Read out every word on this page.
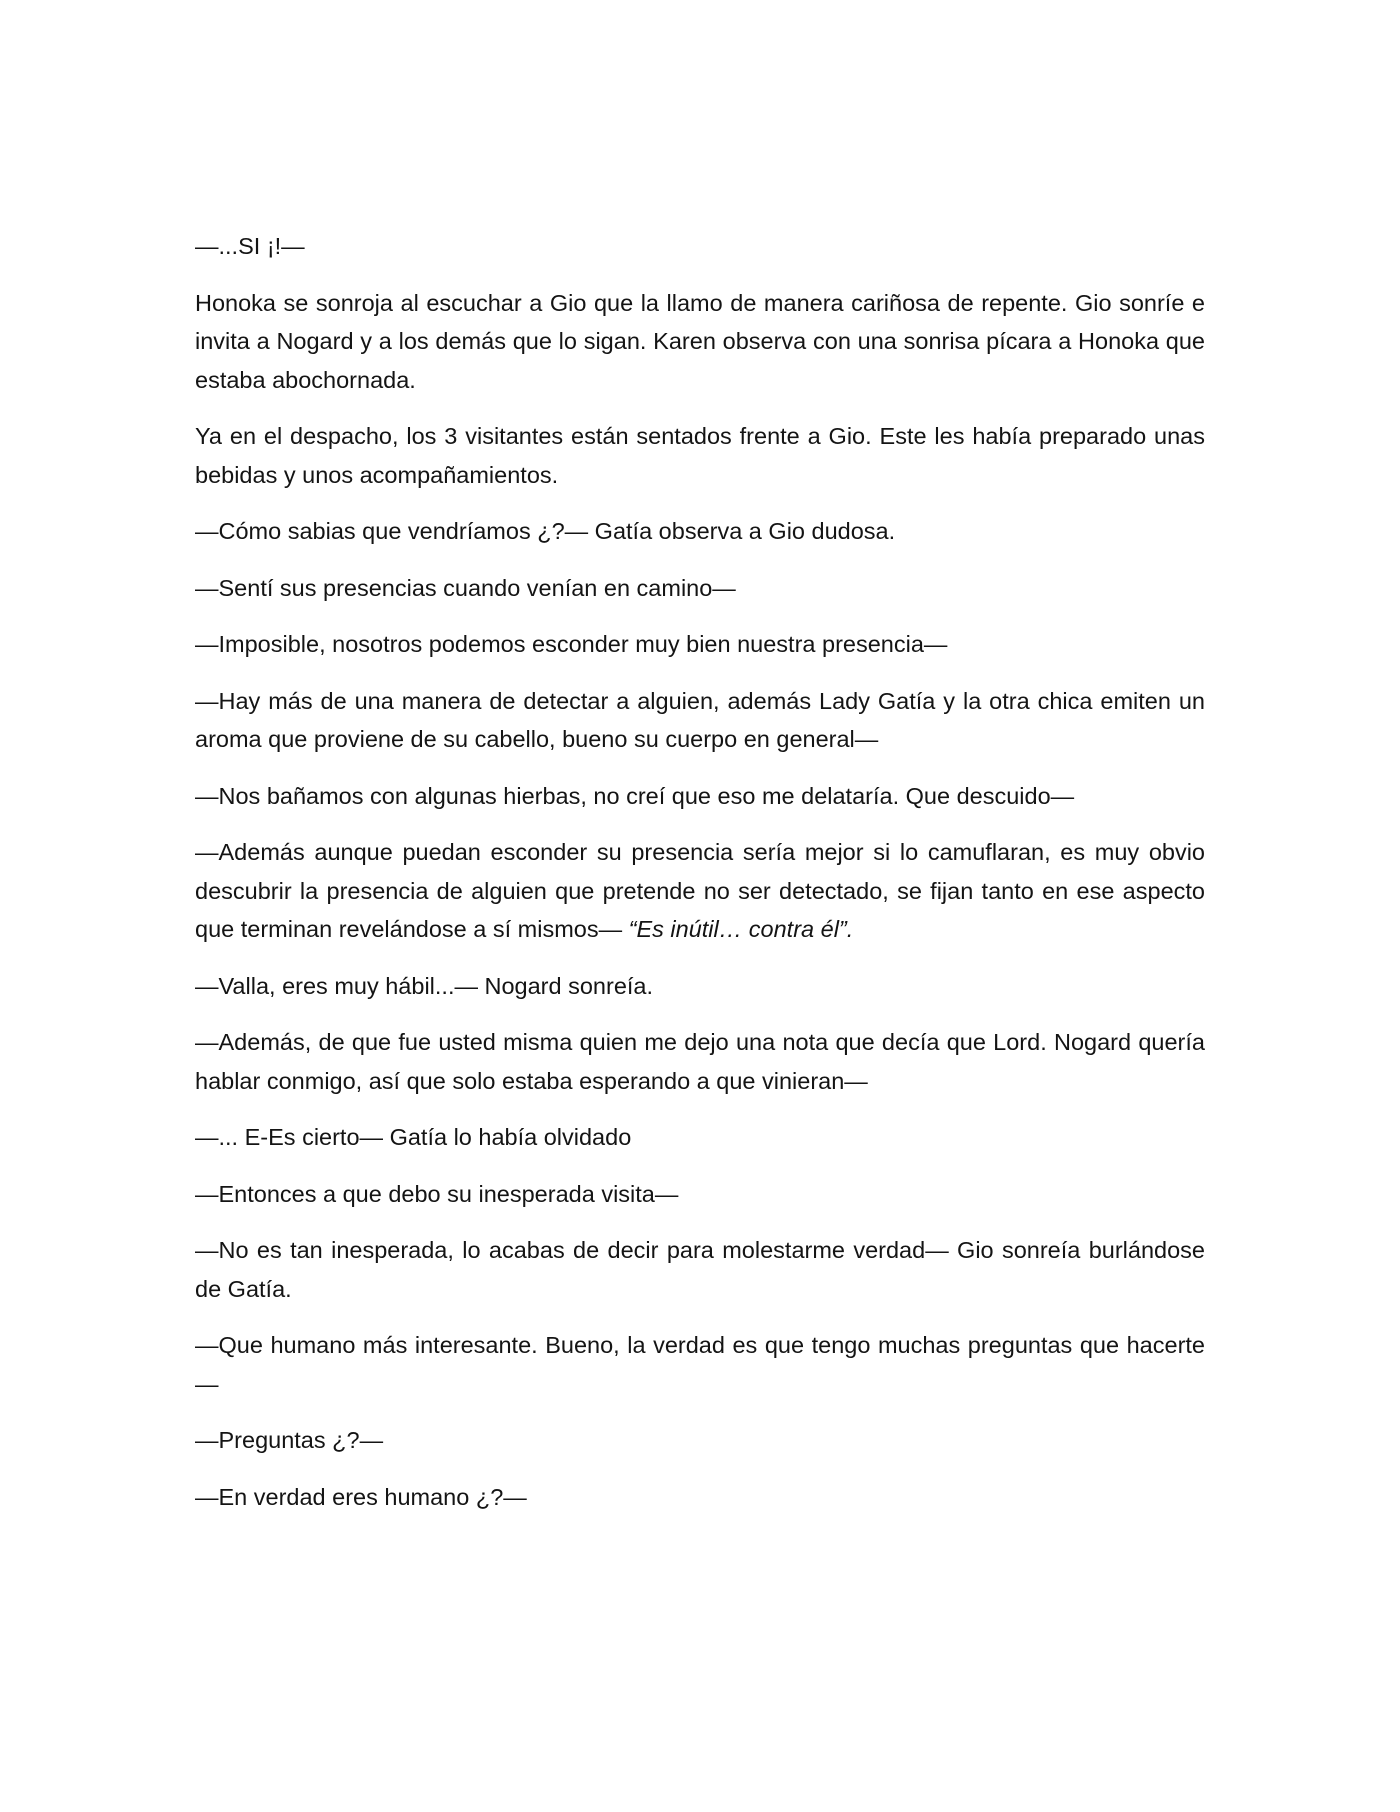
—...SI ¡!—

Honoka se sonroja al escuchar a Gio que la llamo de manera cariñosa de repente. Gio sonríe e invita a Nogard y a los demás que lo sigan. Karen observa con una sonrisa pícara a Honoka que estaba abochornada.

Ya en el despacho, los 3 visitantes están sentados frente a Gio. Este les había preparado unas bebidas y unos acompañamientos.

—Cómo sabias que vendríamos ¿?— Gatía observa a Gio dudosa.

—Sentí sus presencias cuando venían en camino—

—Imposible, nosotros podemos esconder muy bien nuestra presencia—

—Hay más de una manera de detectar a alguien, además Lady Gatía y la otra chica emiten un aroma que proviene de su cabello, bueno su cuerpo en general—

—Nos bañamos con algunas hierbas, no creí que eso me delataría. Que descuido—

—Además aunque puedan esconder su presencia sería mejor si lo camuflaran, es muy obvio descubrir la presencia de alguien que pretende no ser detectado, se fijan tanto en ese aspecto que terminan revelándose a sí mismos— “Es inútil… contra él”.

—Valla, eres muy hábil...— Nogard sonreía.

—Además, de que fue usted misma quien me dejo una nota que decía que Lord. Nogard quería hablar conmigo, así que solo estaba esperando a que vinieran—

—... E-Es cierto— Gatía lo había olvidado

—Entonces a que debo su inesperada visita—

—No es tan inesperada, lo acabas de decir para molestarme verdad— Gio sonreía burlándose de Gatía.

—Que humano más interesante. Bueno, la verdad es que tengo muchas preguntas que hacerte—

—Preguntas ¿?—

—En verdad eres humano ¿?—
